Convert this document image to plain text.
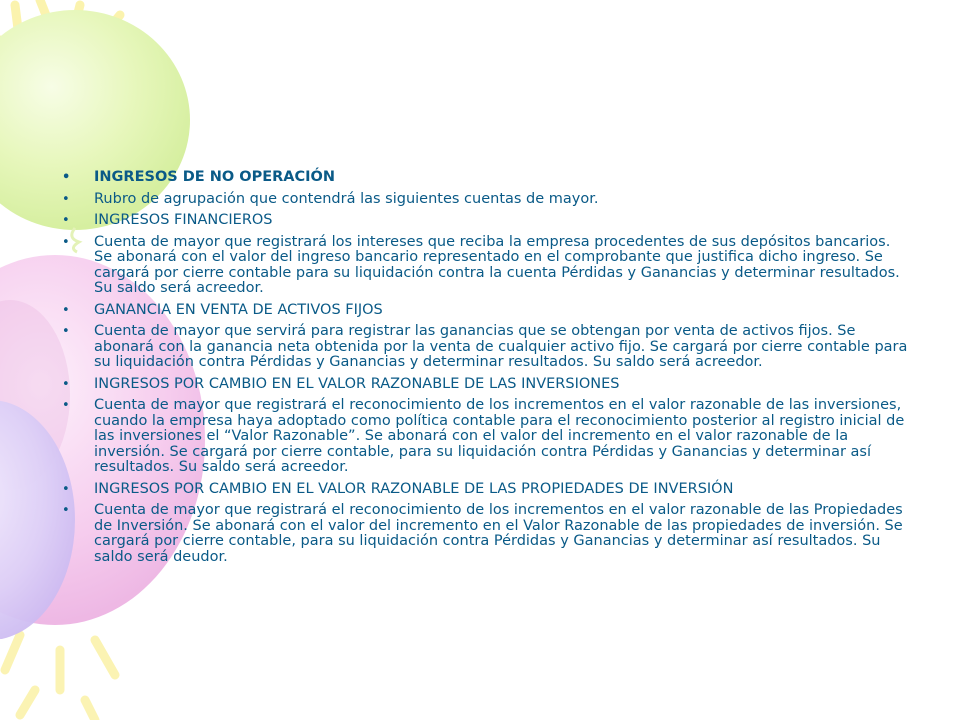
• INGRESOS DE NO OPERACIÓN
• Rubro de agrupación que contendrá las siguientes cuentas de mayor.
• INGRESOS FINANCIEROS
• Cuenta de mayor que registrará los intereses que reciba la empresa procedentes de sus depósitos bancarios. Se abonará con el valor del ingreso bancario representado en el comprobante que justifica dicho ingreso. Se cargará por cierre contable para su liquidación contra la cuenta Pérdidas y Ganancias y determinar resultados. Su saldo será acreedor.
• GANANCIA EN VENTA DE ACTIVOS FIJOS
• Cuenta de mayor que servirá para registrar las ganancias que se obtengan por venta de activos fijos. Se abonará con la ganancia neta obtenida por la venta de cualquier activo fijo. Se cargará por cierre contable para su liquidación contra Pérdidas y Ganancias y determinar resultados. Su saldo será acreedor.
• INGRESOS POR CAMBIO EN EL VALOR RAZONABLE DE LAS INVERSIONES
• Cuenta de mayor que registrará el reconocimiento de los incrementos en el valor razonable de las inversiones, cuando la empresa haya adoptado como política contable para el reconocimiento posterior al registro inicial de las inversiones el “Valor Razonable”. Se abonará con el valor del incremento en el valor razonable de la inversión. Se cargará por cierre contable, para su liquidación contra Pérdidas y Ganancias y determinar así resultados. Su saldo será acreedor.
• INGRESOS POR CAMBIO EN EL VALOR RAZONABLE DE LAS PROPIEDADES DE INVERSIÓN
• Cuenta de mayor que registrará el reconocimiento de los incrementos en el valor razonable de las Propiedades de Inversión. Se abonará con el valor del incremento en el Valor Razonable de las propiedades de inversión. Se cargará por cierre contable, para su liquidación contra Pérdidas y Ganancias y determinar así resultados. Su saldo será deudor.
